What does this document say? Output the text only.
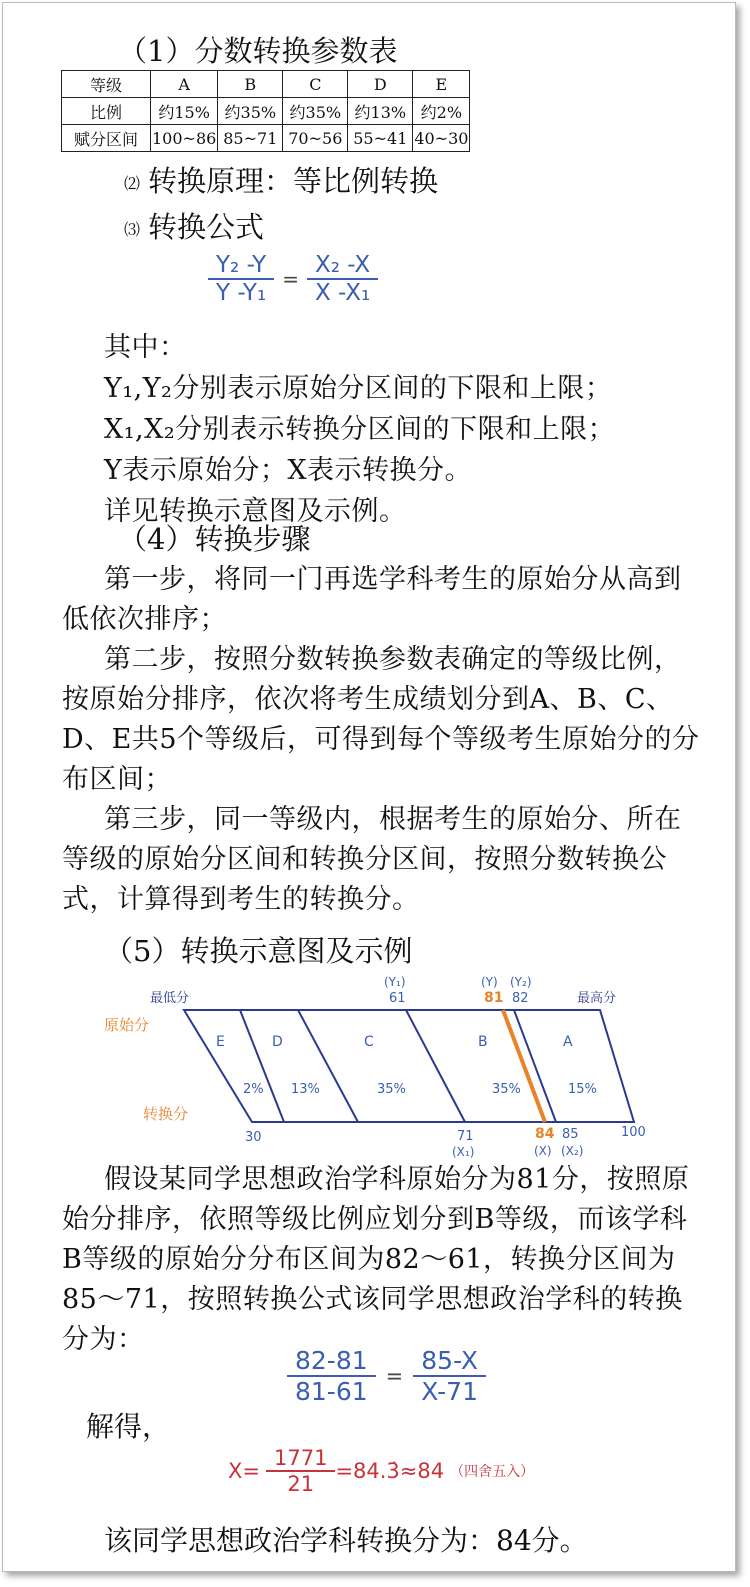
（1）分数转换参数表
等级	A	B	C	D	E
比例	约15%	约35%	约35%	约13%	约2%
赋分区间	100~86	85~71	70~56	55~41	40~30
⑵ 转换原理：等比例转换
⑶ 转换公式
$\frac{\text{Y₂ -Y}}{\text{Y -Y₁}} = \frac{\text{X₂ -X}}{\text{X -X₁}}$
其中：
Y₁,Y₂分别表示原始分区间的下限和上限；
X₁,X₂分别表示转换分区间的下限和上限；
Y表示原始分；X表示转换分。
详见转换示意图及示例。
（4）转换步骤
第一步，将同一门再选学科考生的原始分从高到低依次排序；
第二步，按照分数转换参数表确定的等级比例，按原始分排序，依次将考生成绩划分到A、B、C、D、E共5个等级后，可得到每个等级考生原始分的分布区间；
第三步，同一等级内，根据考生的原始分、所在等级的原始分区间和转换分区间，按照分数转换公式，计算得到考生的转换分。
（5）转换示意图及示例
最低分	最高分
原始分
转换分
E	D	C	B	A
2% 13%	35%	35%	15%
(Y₁)
61
(Y)
81
(Y₂)
82
30	71
(X₁)
84
(X)
85
(X₂)
100
假设某同学思想政治学科原始分为81分，按照原始分排序，依照等级比例应划分到B等级，而该学科B等级的原始分分布区间为82～61，转换分区间为85～71，按照转换公式该同学思想政治学科的转换分为：
$\frac{82-81}{81-61} = \frac{85-X}{X-71}$
解得，
$X= \frac{1771}{21}$ =84.3̇≈84 （四舍五入）
该同学思想政治学科转换分为：84分。
